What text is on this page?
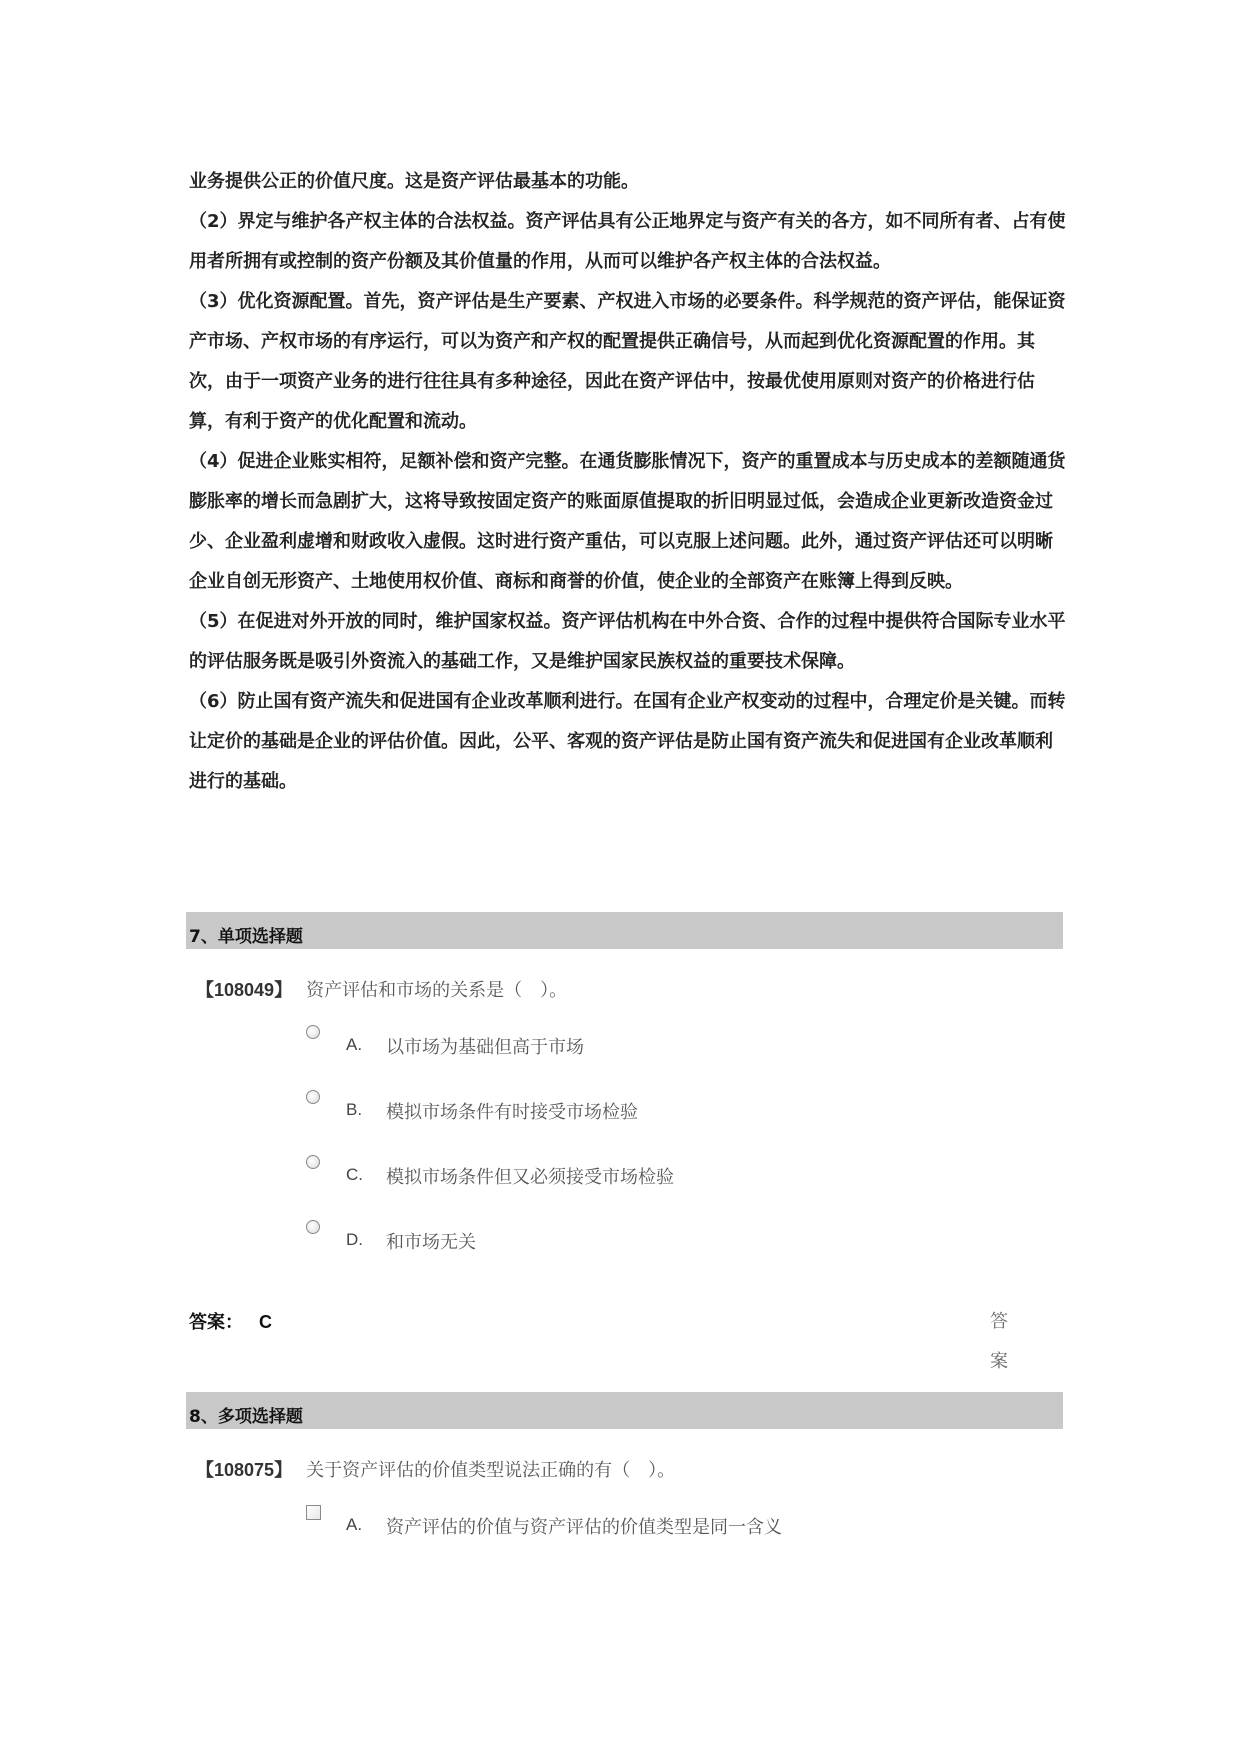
业务提供公正的价值尺度。这是资产评估最基本的功能。

（2）界定与维护各产权主体的合法权益。资产评估具有公正地界定与资产有关的各方，如不同所有者、占有使用者所拥有或控制的资产份额及其价值量的作用，从而可以维护各产权主体的合法权益。

（3）优化资源配置。首先，资产评估是生产要素、产权进入市场的必要条件。科学规范的资产评估，能保证资产市场、产权市场的有序运行，可以为资产和产权的配置提供正确信号，从而起到优化资源配置的作用。其次，由于一项资产业务的进行往往具有多种途径，因此在资产评估中，按最优使用原则对资产的价格进行估算，有利于资产的优化配置和流动。

（4）促进企业账实相符，足额补偿和资产完整。在通货膨胀情况下，资产的重置成本与历史成本的差额随通货膨胀率的增长而急剧扩大，这将导致按固定资产的账面原值提取的折旧明显过低，会造成企业更新改造资金过少、企业盈利虚增和财政收入虚假。这时进行资产重估，可以克服上述问题。此外，通过资产评估还可以明晰企业自创无形资产、土地使用权价值、商标和商誉的价值，使企业的全部资产在账簿上得到反映。

（5）在促进对外开放的同时，维护国家权益。资产评估机构在中外合资、合作的过程中提供符合国际专业水平的评估服务既是吸引外资流入的基础工作，又是维护国家民族权益的重要技术保障。

（6）防止国有资产流失和促进国有企业改革顺利进行。在国有企业产权变动的过程中，合理定价是关键。而转让定价的基础是企业的评估价值。因此，公平、客观的资产评估是防止国有资产流失和促进国有企业改革顺利进行的基础。

7、单项选择题
【108049】 资产评估和市场的关系是（　）。
A. 以市场为基础但高于市场
B. 模拟市场条件有时接受市场检验
C. 模拟市场条件但又必须接受市场检验
D. 和市场无关
答案： C	答案
8、多项选择题
【108075】 关于资产评估的价值类型说法正确的有（　）。
A. 资产评估的价值与资产评估的价值类型是同一含义
